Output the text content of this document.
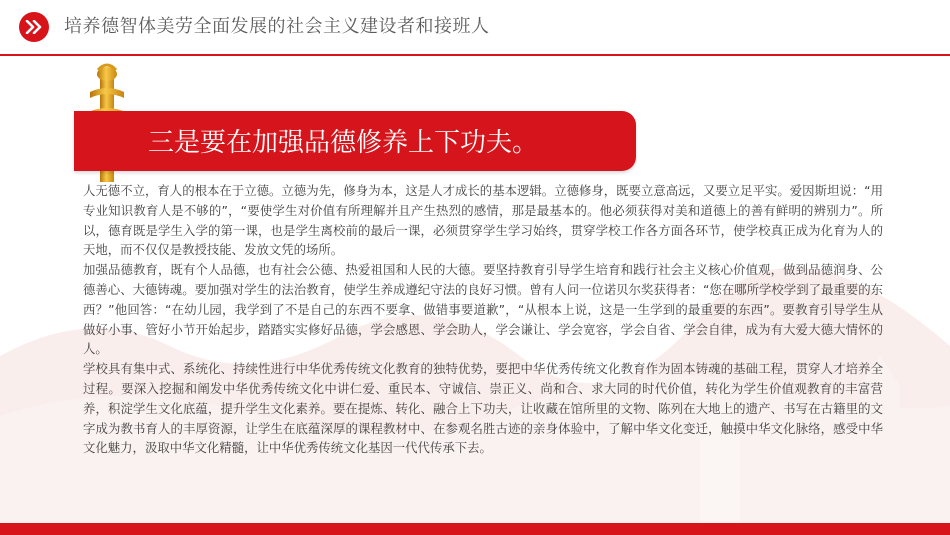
培养德智体美劳全面发展的社会主义建设者和接班人
三是要在加强品德修养上下功夫。

人无德不立，育人的根本在于立德。立德为先，修身为本，这是人才成长的基本逻辑。立德修身，既要立意高远，又要立足平实。爱因斯坦说：“用专业知识教育人是不够的”，“要使学生对价值有所理解并且产生热烈的感情，那是最基本的。他必须获得对美和道德上的善有鲜明的辨别力”。所以，德育既是学生入学的第一课，也是学生离校前的最后一课，必须贯穿学生学习始终，贯穿学校工作各方面各环节，使学校真正成为化育为人的天地，而不仅仅是教授技能、发放文凭的场所。

加强品德教育，既有个人品德，也有社会公德、热爱祖国和人民的大德。要坚持教育引导学生培育和践行社会主义核心价值观，做到品德润身、公德善心、大德铸魂。要加强对学生的法治教育，使学生养成遵纪守法的良好习惯。曾有人问一位诺贝尔奖获得者：“您在哪所学校学到了最重要的东西？”他回答：“在幼儿园，我学到了不是自己的东西不要拿、做错事要道歉”，“从根本上说，这是一生学到的最重要的东西”。要教育引导学生从做好小事、管好小节开始起步，踏踏实实修好品德，学会感恩、学会助人，学会谦让、学会宽容，学会自省、学会自律，成为有大爱大德大情怀的人。

学校具有集中式、系统化、持续性进行中华优秀传统文化教育的独特优势，要把中华优秀传统文化教育作为固本铸魂的基础工程，贯穿人才培养全过程。要深入挖掘和阐发中华优秀传统文化中讲仁爱、重民本、守诚信、崇正义、尚和合、求大同的时代价值，转化为学生价值观教育的丰富营养，积淀学生文化底蕴，提升学生文化素养。要在提炼、转化、融合上下功夫，让收藏在馆所里的文物、陈列在大地上的遗产、书写在古籍里的文字成为教书育人的丰厚资源，让学生在底蕴深厚的课程教材中、在参观名胜古迹的亲身体验中，了解中华文化变迁，触摸中华文化脉络，感受中华文化魅力，汲取中华文化精髓，让中华优秀传统文化基因一代代传承下去。
